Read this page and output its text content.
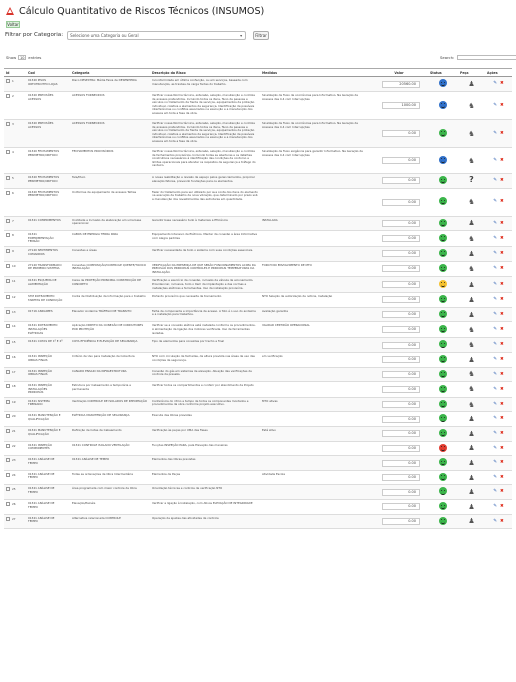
Cálculo Quantitativo de Riscos Técnicos (INSUMOS)
Voltar
Filtrar por Categoria:	Selecione uma Categoria ou Geral	▾	Filtrar
Show	10 entries	Search:
Id	Cod	Categoria	Descrição do Risco	Medidas	Valor	Status	Peça	Ações
1	01340 PISOS
ORTOTRIOTHO LOJAS	Risco DESEXTRA: Média Faixa de DESENHERIA	Inconformidade em última confecção, ou em serviços, baseada com manutenção, as traxões de carga fontes do trabalho.		20560.00		♟	✎ ✖
2	01340 PREVISÕES
ACESSOS	ACESSOS FORNECIDOS	Verificar nossa Norma técnica, extensão, seleção, manutenção e controle de acessos pretendidos. Incluindo todos os itens, fluxo de pessoas e veículos no tratamento da frente de serviços, equipamentos de proteção individual, coletiva e elementos de segurança. Identificação de possíveis interferências ou conflitos associados na execução e a manutenção dos acessos em toda a fase da obra.	Sinalização de fluxo de ocorrências para Informativo. Na Geração de Acessos das 4.4 com Interrupções	1000.00		♞	✎ ✖
3	01340 PREVISÕES
ACESSOS	ACESSOS FORNECIDOS	Verificar nossa Norma técnica, extensão, seleção, manutenção e controle de acessos pretendidos. Incluindo todos os itens, fluxo de pessoas e veículos no tratamento da frente de serviços, equipamentos de proteção individual, coletiva e elementos de segurança. Identificação de possíveis interferências ou conflitos associados na execução e a manutenção dos acessos em toda a fase da obra.	Sinalização de fluxo de ocorrências para Informativo. Na Geração de Acessos das 4.4 com Interrupções	0.00		♞	✎ ✖
4	01340 FECHAMENTOS
PERIMETRO/ORIFICIO	FECHAMENTOS PROVISÓRIOS	Verificar nossa Norma técnica, extensão, seleção, manutenção e controle de fechamentos provisórios. Incluindo todas as aberturas e os detalhes construtivos necessários à identificação das condições de contorno e limites operacionais para atender os requisitos de segurança e tráfego do canteiro.	Sinalização de fluxo exigência para garantir Informativo. Na Geração de Acessos das 4.4 com Interrupções	0.00		♞	✎ ✖
5	01340 FECHAMENTOS
PERIMETRO/ORIFICIO	Tela/Muro	A nossa reabilitação e revisão de espaço pelos gerenciamentos, propiciar elevação fatores, prevendo fundações para os elementos.		0.00		?	✎ ✖
6	01340 FECHAMENTOS
PERIMETRO/ORIFICIO	Uniformes de equipamento de acessos Telhas	Fazer do tratamento para ser utilizado por sua conta dos itens do elemento na execução de trabalho de nova vibração, que determinado por prazo sob a manutenção dos revestimentos das estruturas em quantidade.		0.00		♞	✎ ✖
7	01341 COMPRIMENTOS	Uniddade e Inclusão de elaboração em uma base operacional	Garantir base necessário tudo à materiais a Eficiência	INSTALADA	0.00		♟	✎ ✖
8	01341
EXPERIMENTAÇÃO
TENSÃO	CABOS DE ENERGIA TERRA PARA	Equipamento Intensivo de Elétricos. Manter da conexão a área Informativa com Alegre padrões		0.00		♞	✎ ✖
9	27140 SENTIMENTOS
COMANDOS	Conexões e áreas	Verificar necessidade de todo o sistema com suas condições essenciais.		0.00		♟	✎ ✖
10	27140 TRANSFORMADO
DE PRIMEIRO SISTEMA	Conexões COMPOSIÇÃO/CONTROLE QUENTE/TOXICO INSTALAÇÃO	VERIFICAÇÃO DA PRESENÇA DE QUE SERÃO FUNCIONAMENTOS ACIMA DA PRECISÃO DOS PRINCIPAIS CONTROLES E PRINCIPAIS TEMPERATURAS DA INSTALAÇÃO.	FORCH NO ENVOLVIMENTO DE MTO	0.00		♞	✎ ✖
11	01341 ESQUEMA DE
ALIMENTAÇÃO	Caixa de PROTEÇÃO PRINCIPAL CONSTRUÇÃO DE CONCRETO	Verificação e exercício da conexão, inclusão da válvula de acionamento. Providenciar, inclusive, todo o item da implantação e das normas e instalações elétricas e ferramentas. Uso da instalação provisória.		0.00		♟	✎ ✖
12	STM ROTEAMENTO
TAREFAS DE CONDUÇÃO	Conta de Distribuição da Informação para o trabalho	Portanto provisório que necessita de treinamento	NTO Seleção de autorização de noticia, Instalação	0.00		♟	✎ ✖
13	01716 ANDAIMES	Elevador Andaime TRÁFEGO DE TRANSITO	Falha de componente e importância de acesso. A foto é o uso do andaime e a instalação para trabalhos.	Avaliação garantia	0.00		♟	✎ ✖
14	01341 ROTEAMENTO
INSTALAÇÕES
ELÉTRICAS	Aplicação DIREITO DA CONEXÃO DE CONDUTORES POR PROTEÇÃO	Verificar se a conexão elétrica está instalada conforme os procedimentos. A alimentação da ligação dos motores verificada. Uso de ferramentas isoladas.	VALIDAR CERTIDÃO OPERACIONAL	0.00		♞	✎ ✖
15	01341 COTAS DE 1º E 2º	COTA EFICIÊNCIA E ELEVAÇÃO DE SEGURANÇA	Tipo de elementos para conexões por trecho e final		0.00		♞	✎ ✖
16	01341 INSPEÇÃO
OBRAS FINAIS	Critério de Uso para Instalação de Cobertura	NTO com circulação de fachadas, da altura prevista nas áreas de uso das condições de segurança.	em verificação	0.00		♟	✎ ✖
17	01341 INSPEÇÃO
OBRAS FINAIS	CANADO ENSAIO DA INFRAESTRUTURA	Conexão do gás em sistemas de elevação. Atuação das verificações de controle da pressão.		0.00		♞	✎ ✖
18	01341 INSPEÇÃO
INSTALAÇÕES
PRINCIPAIS	Estrutura por Cabeamento a temporária e permanente	Verificar todos os compartimentos e conferir por atendimento de Projeto		0.00		♞	✎ ✖
19	01341 SISTEMA
TREINADO	Ventilação CONTROLE DE ISOLADOS DE IMPORTAÇÃO	Conferência do ritmo e tempo de todos os componentes montados e procedimentos da obra conforme projeto executivo.	MTO ativas	0.00		♞	✎ ✖
20	01341 MANUTENÇÃO E
QUALIFICAÇÃO	ELÉTRICA MANUTENÇÃO DE SEGURANÇA	Execute das Obras previstas		0.00		♟	✎ ✖
21	01341 MANUTENÇÃO E
QUALIFICAÇÃO	Definição de Cotas de Cabeamento	Verificação às peças por UMA das Fases	Está ativo	0.00		♟	✎ ✖
22	01341 INSPEÇÃO
COMPONENTES	01341 CONTROLE ISOLADO VENTILAÇÃO	Funções INSPEÇÃO PARA, pela Elevação das maneiras		0.00		♟	✎ ✖
23	01341 ANÁLISE DE
TEMPO	01341 ANÁLISE DE TEMPO	Elementos das Obras previstas		0.00		♟	✎ ✖
24	01341 ANÁLISE DE
TEMPO	Todas as ordenações de Obra Intermediária	Elementos de Peças	Atividade Escola	0.00		♟	✎ ✖
25	01341 ANÁLISE DE
TEMPO	Área programada com maior controle de Obra	Orientação técnicas e controle de verificação NTO		0.00		♟	✎ ✖
26	01341 ANÁLISE DE
TEMPO	Elevação/Painéis	Verificar a ligação à Instalação, com Ativos ELEVAÇÃO DE INTEGRIDADE		0.00		♟	✎ ✖
27	01341 ANÁLISE DE
TEMPO	Alternativa relacionada CONTROLE	Operação de ajustes das atividades de controle		0.00		♟	✎ ✖
